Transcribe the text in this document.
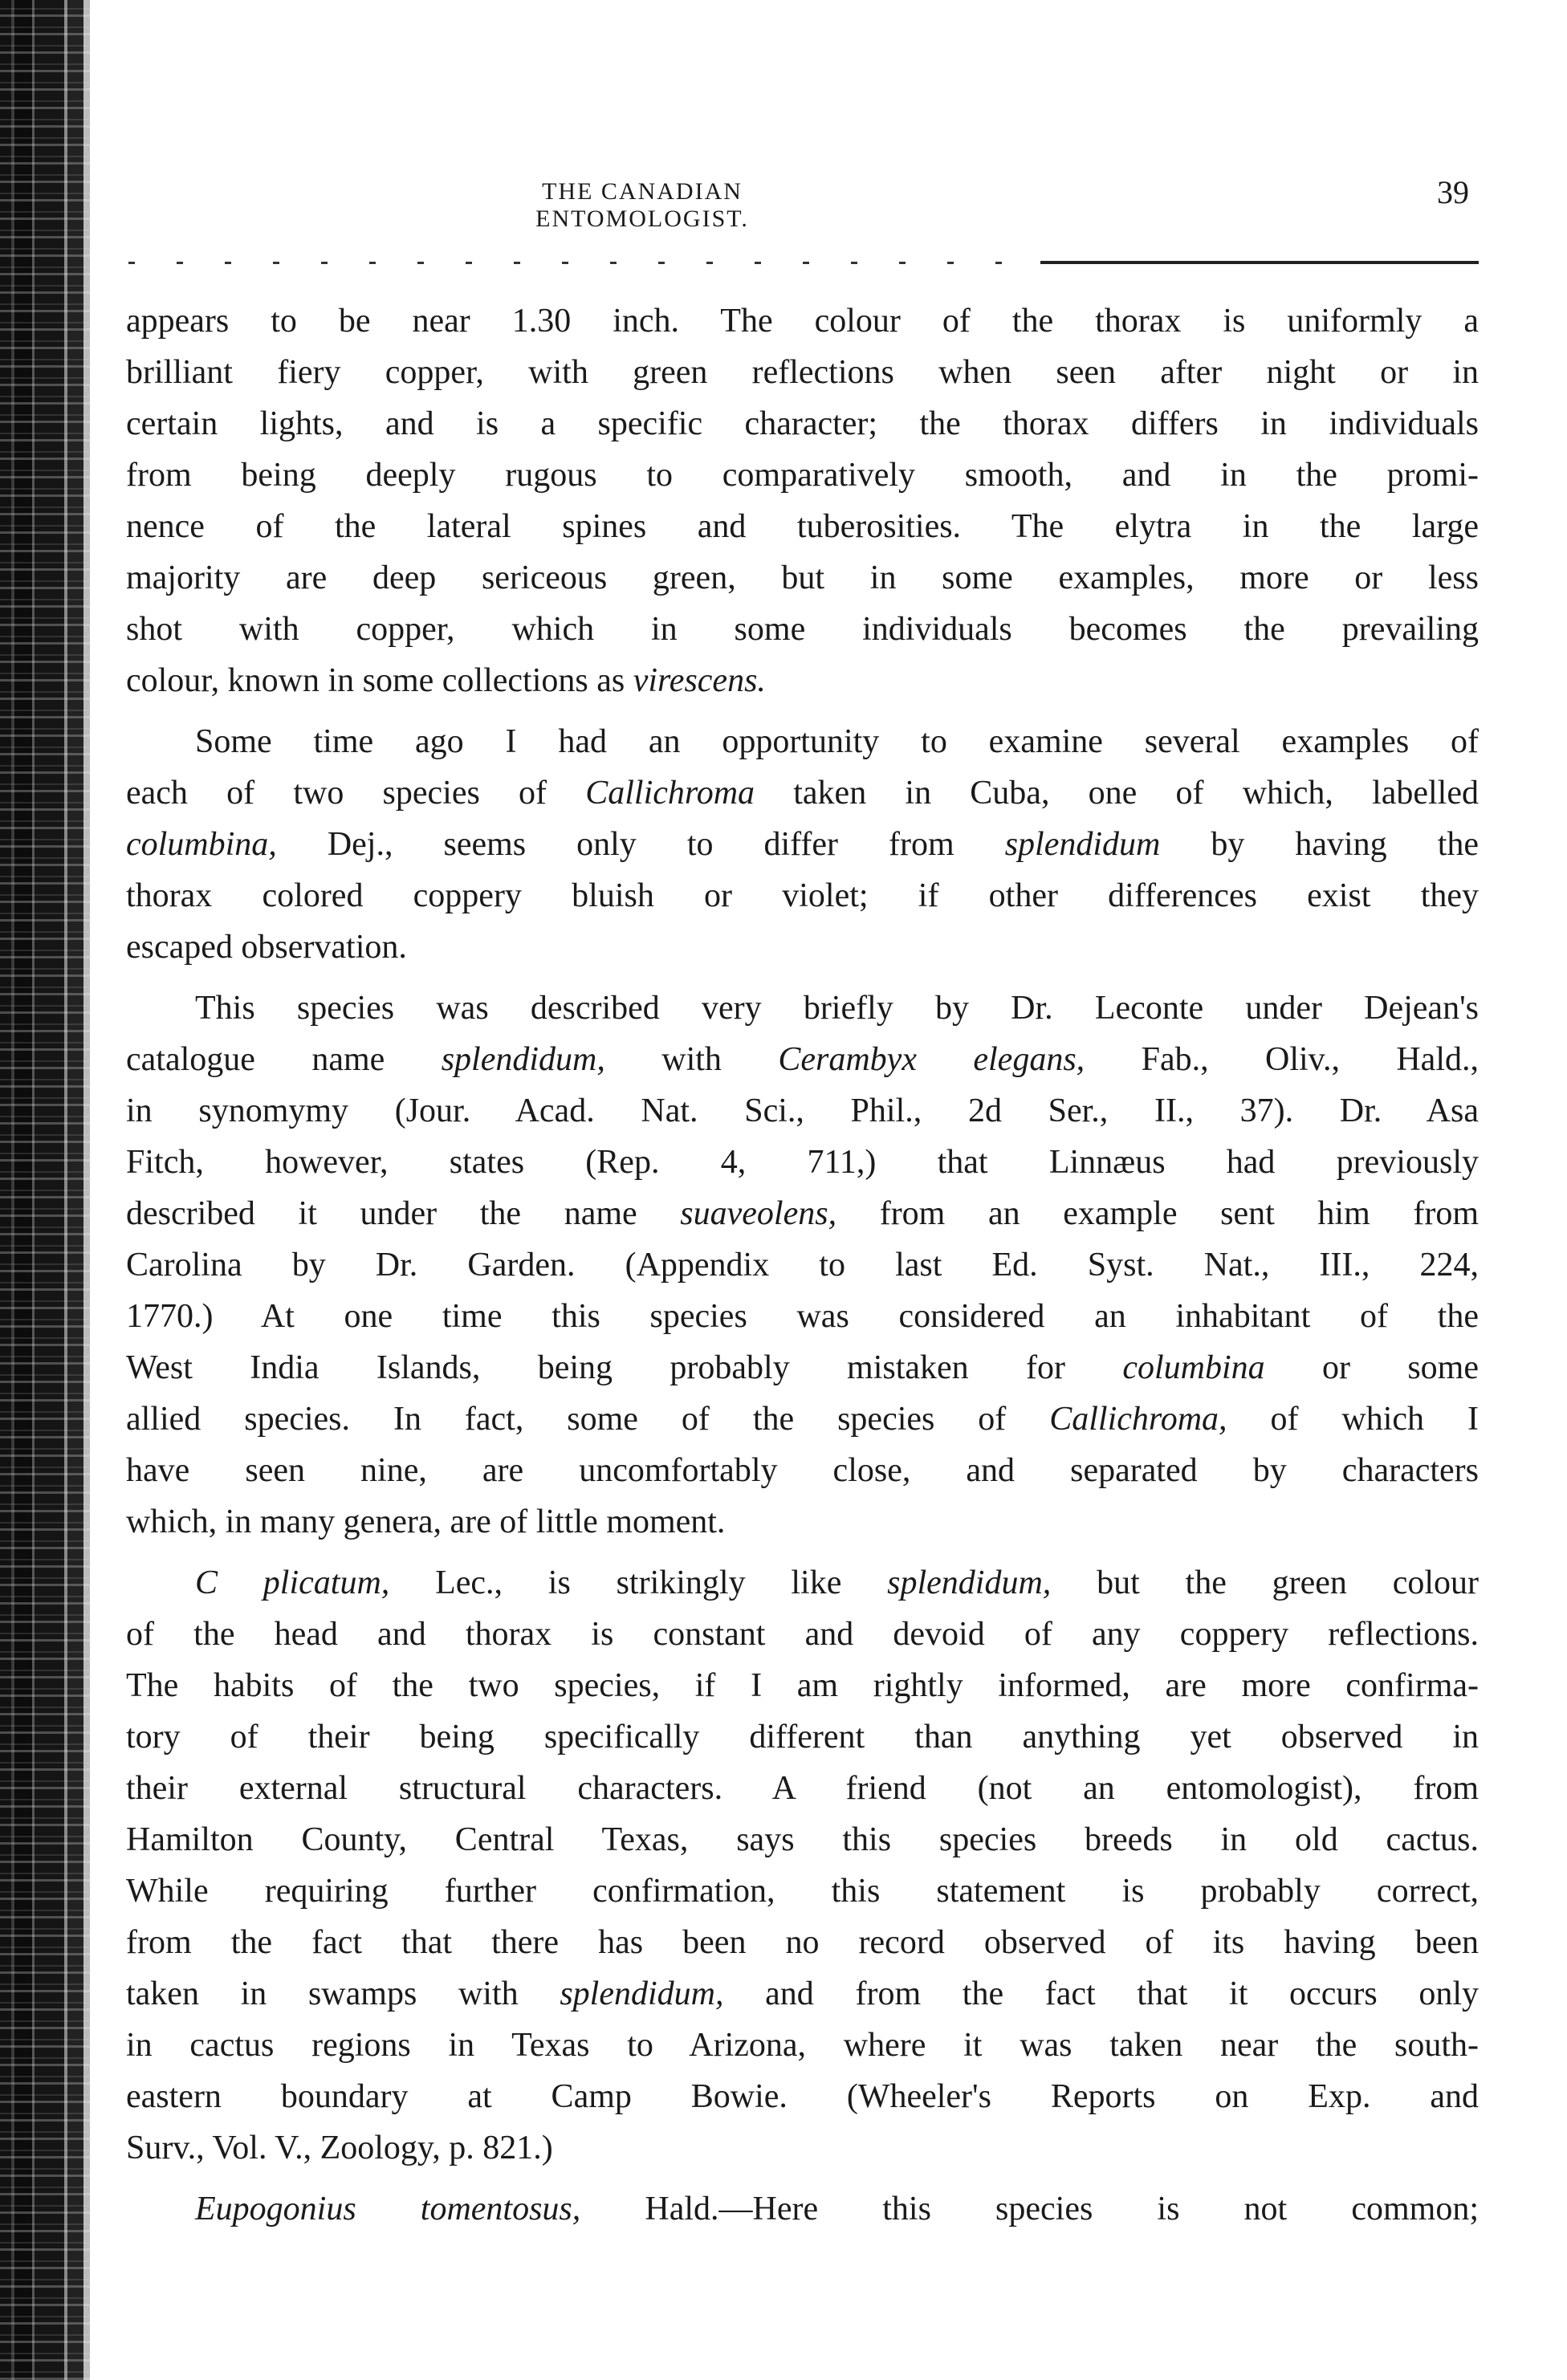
THE CANADIAN ENTOMOLOGIST.
39
appears to be near 1.30 inch. The colour of the thorax is uniformly a
brilliant fiery copper, with green reflections when seen after night or in
certain lights, and is a specific character; the thorax differs in individuals
from being deeply rugous to comparatively smooth, and in the promi-
nence of the lateral spines and tuberosities. The elytra in the large
majority are deep sericeous green, but in some examples, more or less
shot with copper, which in some individuals becomes the prevailing
colour, known in some collections as virescens.
Some time ago I had an opportunity to examine several examples of
each of two species of Callichroma taken in Cuba, one of which, labelled
columbina, Dej., seems only to differ from splendidum by having the
thorax colored coppery bluish or violet; if other differences exist they
escaped observation.
This species was described very briefly by Dr. Leconte under Dejean's
catalogue name splendidum, with Cerambyx elegans, Fab., Oliv., Hald.,
in synomymy (Jour. Acad. Nat. Sci., Phil., 2d Ser., II., 37). Dr. Asa
Fitch, however, states (Rep. 4, 711,) that Linnæus had previously
described it under the name suaveolens, from an example sent him from
Carolina by Dr. Garden. (Appendix to last Ed. Syst. Nat., III., 224,
1770.) At one time this species was considered an inhabitant of the
West India Islands, being probably mistaken for columbina or some
allied species. In fact, some of the species of Callichroma, of which I
have seen nine, are uncomfortably close, and separated by characters
which, in many genera, are of little moment.
C plicatum, Lec., is strikingly like splendidum, but the green colour
of the head and thorax is constant and devoid of any coppery reflections.
The habits of the two species, if I am rightly informed, are more confirma-
tory of their being specifically different than anything yet observed in
their external structural characters. A friend (not an entomologist), from
Hamilton County, Central Texas, says this species breeds in old cactus.
While requiring further confirmation, this statement is probably correct,
from the fact that there has been no record observed of its having been
taken in swamps with splendidum, and from the fact that it occurs only
in cactus regions in Texas to Arizona, where it was taken near the south-
eastern boundary at Camp Bowie. (Wheeler's Reports on Exp. and
Surv., Vol. V., Zoology, p. 821.)
Eupogonius tomentosus, Hald.—Here this species is not common;
